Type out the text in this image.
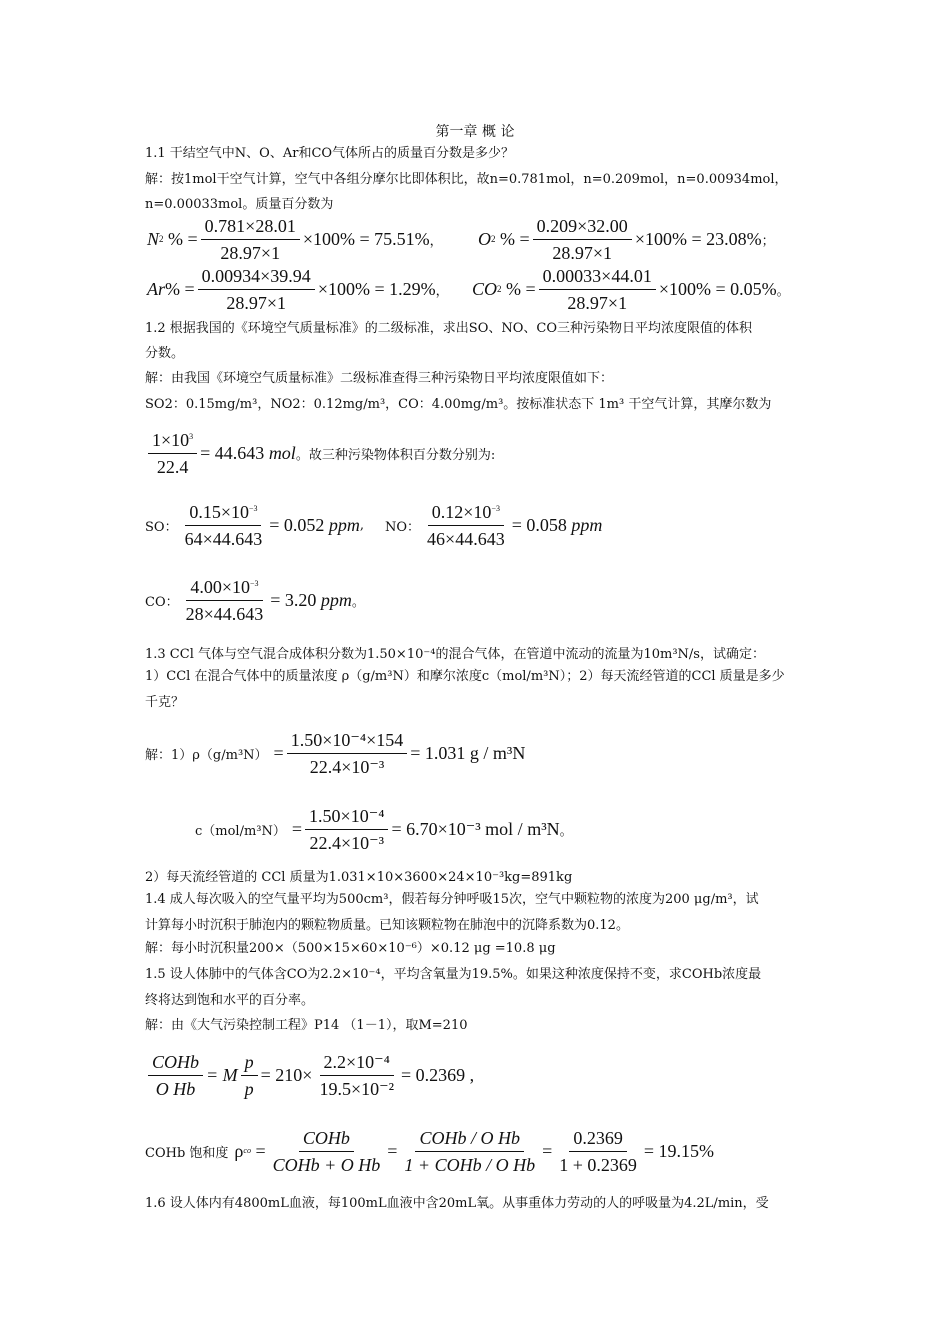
第一章 概 论
1.1 干结空气中N、O、Ar和CO气体所占的质量百分数是多少？
解：按1mol干空气计算，空气中各组分摩尔比即体积比，故n=0.781mol，n=0.209mol，n=0.00934mol，
n=0.00033mol。质量百分数为
N 2 % = $\frac{0.781\times 28.01}{28.97\times 1} \times 100\% = 75.51\%$ ， O 2 % = $\frac{0.209\times 32.00}{28.97\times 1} \times 100\% = 23.08\%$ ；
Ar % = $\frac{0.00934\times 39.94}{28.97\times 1} \times 100\% = 1.29\%$ ， CO 2 % = $\frac{0.00033\times 44.01}{28.97\times 1} \times 100\% = 0.05\%$ 。
1.2 根据我国的《环境空气质量标准》的二级标准，求出SO、NO、CO三种污染物日平均浓度限值的体积
分数。
解：由我国《环境空气质量标准》二级标准查得三种污染物日平均浓度限值如下：
SO2：0.15mg/m³，NO2：0.12mg/m³，CO：4.00mg/m³。按标准状态下 1m³ 干空气计算，其摩尔数为
$\frac{1\times 10^3}{22.4} = 44.643$
mol 。故三种污染物体积百分数分别为:
SO： $\frac{0.15\times 10^{-3}}{64\times 44.643} = 0.052$
ppm , NO： $\frac{0.12\times 10^{-3}}{46\times 44.643} = 0.058$
ppm
CO： $\frac{4.00\times 10^{-3}}{28\times 44.643} = 3.20$
ppm 。
1.3 CCl 气体与空气混合成体积分数为1.50×10⁻⁴的混合气体，在管道中流动的流量为10m³N/s，试确定：
1）CCl 在混合气体中的质量浓度 ρ（g/m³N）和摩尔浓度c（mol/m³N）；2）每天流经管道的CCl 质量是多少
千克？
解：$1)\rho(g/m^3N) = \frac{\text{1.50×10⁻⁴×154}}{\text{22.4×10⁻³}} = 1.031$ g / m³N
$c(mol/m^3N) = \frac{\text{1.50×10⁻⁴}}{\text{22.4×10⁻³}} = 6.70\times 10^{-3}$ mol / m³N 。
2）每天流经管道的 CCl 质量为1.031×10×3600×24×10⁻³kg=891kg
1.4 成人每次吸入的空气量平均为500cm³，假若每分钟呼吸15次，空气中颗粒物的浓度为200 μg/m³，试
计算每小时沉积于肺泡内的颗粒物质量。已知该颗粒物在肺泡中的沉降系数为0.12。
解：每小时沉积量200×（500×15×60×10⁻⁶）×0.12 μg =10.8 μg
1.5 设人体肺中的气体含CO为2.2×10⁻⁴，平均含氧量为19.5%。如果这种浓度保持不变，求COHb浓度最
终将达到饱和水平的百分率。
解：由《大气污染控制工程》P14 （1－1），取M=210
$\frac{\text{COHb}}{\text{O Hb}} = M \frac{p}{p} = 210\times \frac{\text{2.2×10⁻⁴}}{\text{19.5×10⁻²}} = 0.2369$ ,
COHb 饱和度 ρ co = $\frac{\text{COHb}}{\text{COHb + O Hb}} = \frac{\text{COHb / O Hb}}{\text{1 + COHb / O Hb}} = \frac{0.2369}{1 + 0.2369} = 19.15\%$
1.6 设人体内有4800mL血液，每100mL血液中含20mL氧。从事重体力劳动的人的呼吸量为4.2L/min，受
